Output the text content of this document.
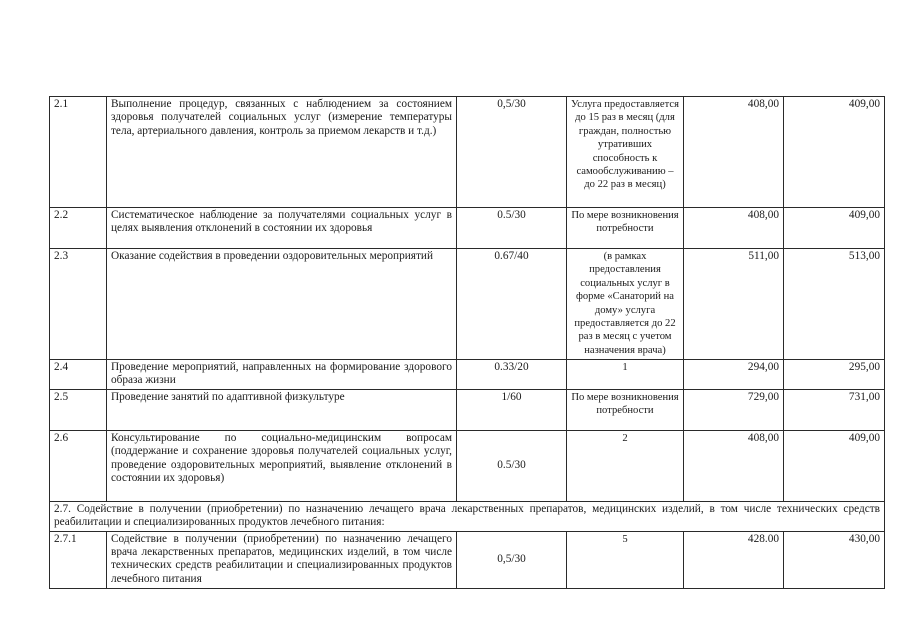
2.1	Выполнение процедур, связанных с наблюдением за состоянием здоровья получателей социальных услуг (измерение температуры тела, артериального давления, контроль за приемом лекарств и т.д.)	0,5/30	Услуга предоставляется до 15 раз в месяц (для граждан, полностью утративших способность к самообслуживанию – до 22 раз в месяц)	408,00	409,00
2.2	Систематическое наблюдение за получателями социальных услуг в целях выявления отклонений в состоянии их здоровья	0.5/30	По мере возникновения потребности	408,00	409,00
2.3	Оказание содействия в проведении оздоровительных мероприятий	0.67/40	(в рамках предоставления социальных услуг в форме «Санаторий на дому» услуга предоставляется до 22 раз в месяц с учетом назначения врача)	511,00	513,00
2.4	Проведение мероприятий, направленных на формирование здорового образа жизни	0.33/20	1	294,00	295,00
2.5	Проведение занятий по адаптивной физкультуре	1/60	По мере возникновения потребности	729,00	731,00
2.6	Консультирование по социально-медицинским вопросам (поддержание и сохранение здоровья получателей социальных услуг, проведение оздоровительных мероприятий, выявление отклонений в состоянии их здоровья)	0.5/30	2	408,00	409,00
2.7. Содействие в получении (приобретении) по назначению лечащего врача лекарственных препаратов, медицинских изделий, в том числе технических средств реабилитации и специализированных продуктов лечебного питания:					
2.7.1	Содействие в получении (приобретении) по назначению лечащего врача лекарственных препаратов, медицинских изделий, в том числе технических средств реабилитации и специализированных продуктов лечебного питания	0,5/30	5	428.00	430,00
